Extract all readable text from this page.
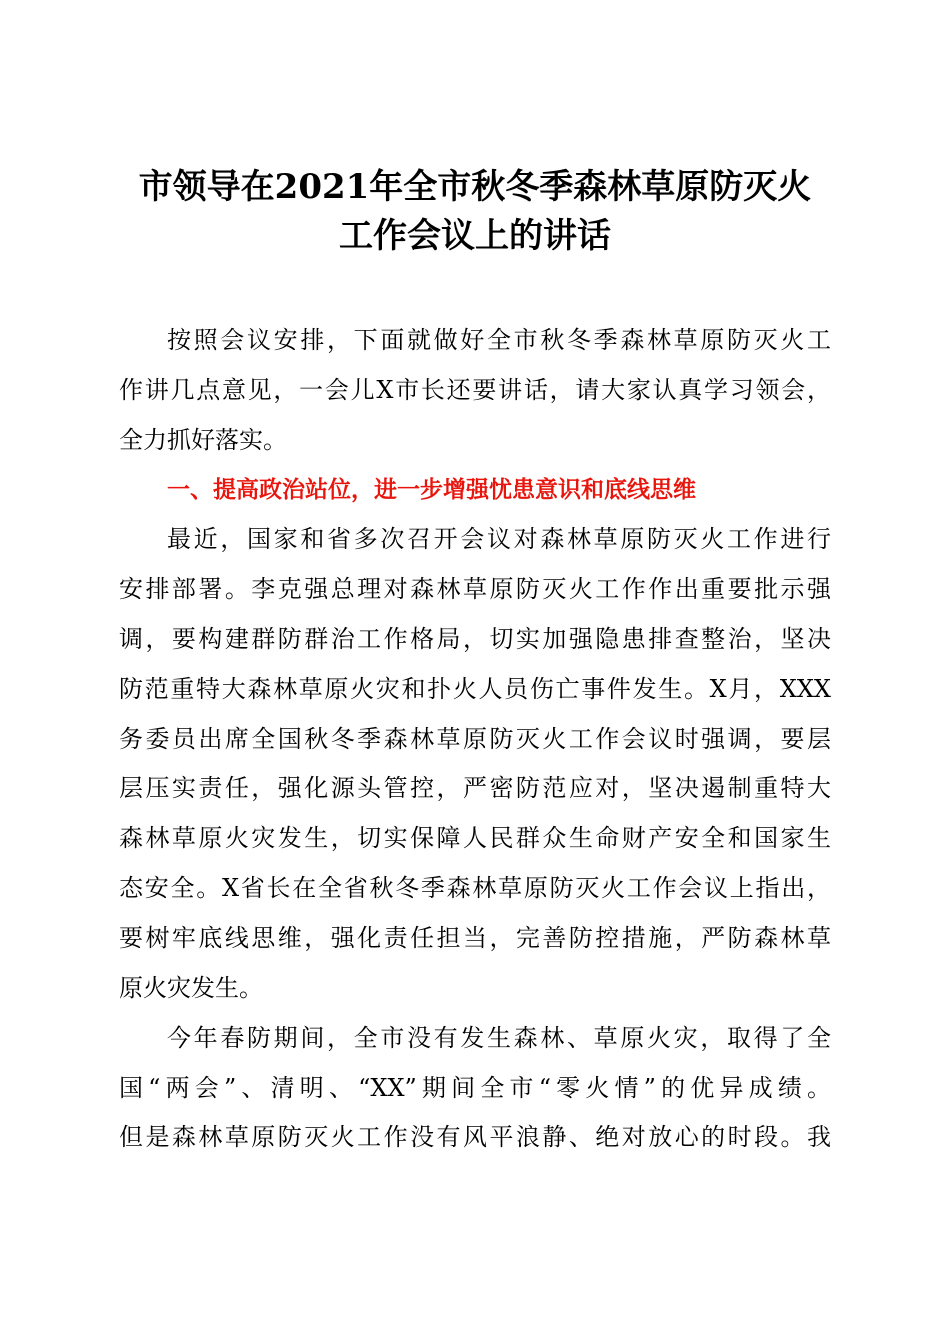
市领导在2021年全市秋冬季森林草原防灭火
工作会议上的讲话
按照会议安排，下面就做好全市秋冬季森林草原防灭火工
作讲几点意见，一会儿X市长还要讲话，请大家认真学习领会，
全力抓好落实。
一、提高政治站位，进一步增强忧患意识和底线思维
最近，国家和省多次召开会议对森林草原防灭火工作进行
安排部署。李克强总理对森林草原防灭火工作作出重要批示强
调，要构建群防群治工作格局，切实加强隐患排查整治，坚决
防范重特大森林草原火灾和扑火人员伤亡事件发生。X月，XXX
务委员出席全国秋冬季森林草原防灭火工作会议时强调，要层
层压实责任，强化源头管控，严密防范应对，坚决遏制重特大
森林草原火灾发生，切实保障人民群众生命财产安全和国家生
态安全。X省长在全省秋冬季森林草原防灭火工作会议上指出，
要树牢底线思维，强化责任担当，完善防控措施，严防森林草
原火灾发生。
今年春防期间，全市没有发生森林、草原火灾，取得了全
国“两会”、清明、“XX”期间全市“零火情”的优异成绩。
但是森林草原防灭火工作没有风平浪静、绝对放心的时段。我
